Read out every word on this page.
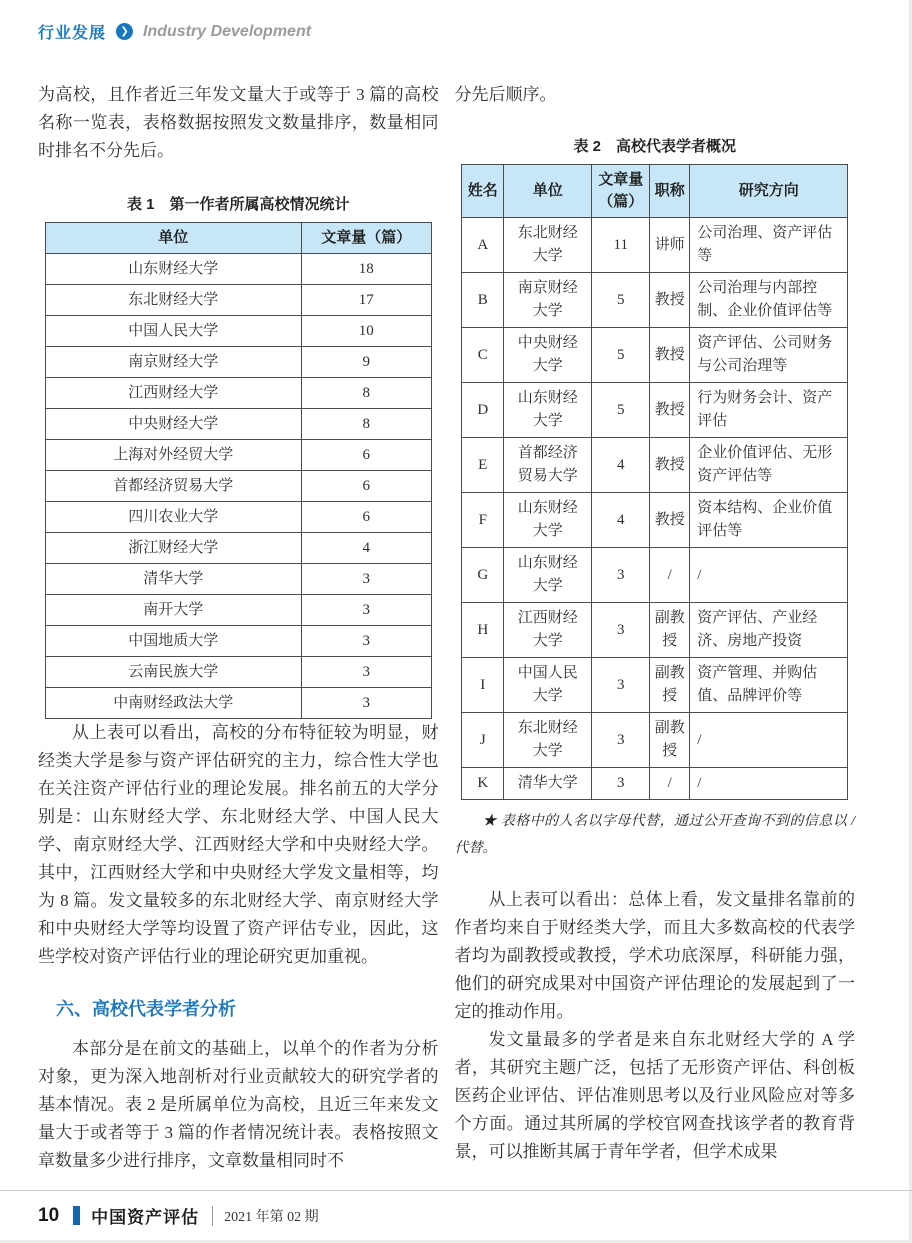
行业发展	❯ Industry Development

为高校，且作者近三年发文量大于或等于 3 篇的高校名称一览表，表格数据按照发文数量排序，数量相同时排名不分先后。

表 1　第一作者所属高校情况统计
单位	文章量（篇）
山东财经大学	18
东北财经大学	17
中国人民大学	10
南京财经大学	9
江西财经大学	8
中央财经大学	8
上海对外经贸大学	6
首都经济贸易大学	6
四川农业大学	6
浙江财经大学	4
清华大学	3
南开大学	3
中国地质大学	3
云南民族大学	3
中南财经政法大学	3

从上表可以看出，高校的分布特征较为明显，财经类大学是参与资产评估研究的主力，综合性大学也在关注资产评估行业的理论发展。排名前五的大学分别是：山东财经大学、东北财经大学、中国人民大学、南京财经大学、江西财经大学和中央财经大学。其中，江西财经大学和中央财经大学发文量相等，均为 8 篇。发文量较多的东北财经大学、南京财经大学和中央财经大学等均设置了资产评估专业，因此，这些学校对资产评估行业的理论研究更加重视。

六、高校代表学者分析

本部分是在前文的基础上，以单个的作者为分析对象，更为深入地剖析对行业贡献较大的研究学者的基本情况。表 2 是所属单位为高校，且近三年来发文量大于或者等于 3 篇的作者情况统计表。表格按照文章数量多少进行排序，文章数量相同时不

分先后顺序。

表 2　高校代表学者概况
姓名	单位	文章量（篇）	职称	研究方向
A	东北财经大学	11	讲师	公司治理、资产评估等
B	南京财经大学	5	教授	公司治理与内部控制、企业价值评估等
C	中央财经大学	5	教授	资产评估、公司财务与公司治理等
D	山东财经大学	5	教授	行为财务会计、资产评估
E	首都经济贸易大学	4	教授	企业价值评估、无形资产评估等
F	山东财经大学	4	教授	资本结构、企业价值评估等
G	山东财经大学	3	/	/
H	江西财经大学	3	副教授	资产评估、产业经济、房地产投资
I	中国人民大学	3	副教授	资产管理、并购估值、品牌评价等
J	东北财经大学	3	副教授	/
K	清华大学	3	/	/

★ 表格中的人名以字母代替，通过公开查询不到的信息以 / 代替。

从上表可以看出：总体上看，发文量排名靠前的作者均来自于财经类大学，而且大多数高校的代表学者均为副教授或教授，学术功底深厚，科研能力强，他们的研究成果对中国资产评估理论的发展起到了一定的推动作用。

发文量最多的学者是来自东北财经大学的 A 学者，其研究主题广泛，包括了无形资产评估、科创板医药企业评估、评估准则思考以及行业风险应对等多个方面。通过其所属的学校官网查找该学者的教育背景，可以推断其属于青年学者，但学术成果

10 中国资产评估 2021 年第 02 期
